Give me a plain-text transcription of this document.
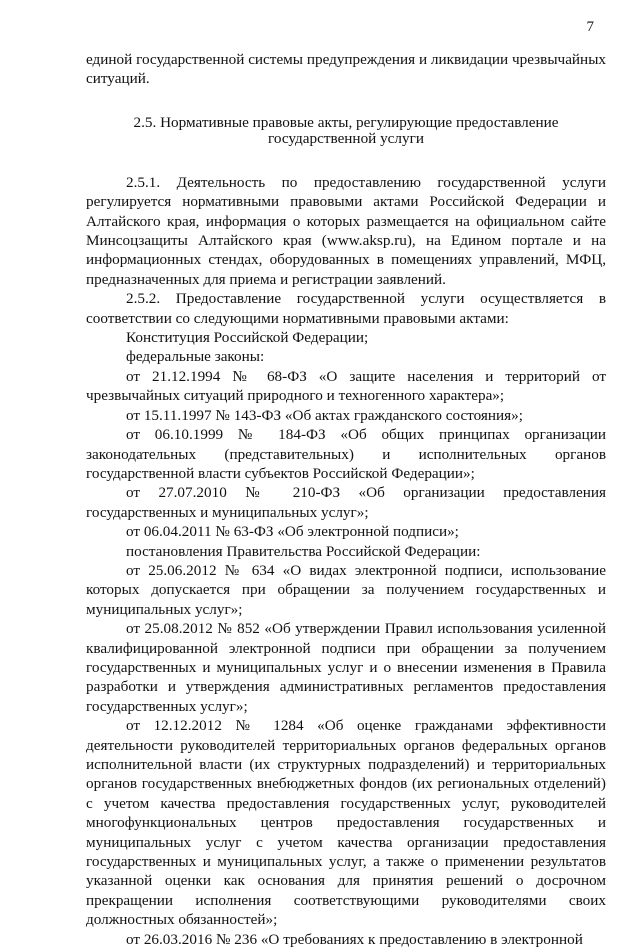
7

единой государственной системы предупреждения и ликвидации чрезвычайных ситуаций.

2.5. Нормативные правовые акты, регулирующие предоставление государственной услуги

2.5.1. Деятельность по предоставлению государственной услуги регулируется нормативными правовыми актами Российской Федерации и Алтайского края, информация о которых размещается на официальном сайте Минсоцзащиты Алтайского края (www.aksp.ru), на Едином портале и на информационных стендах, оборудованных в помещениях управлений, МФЦ, предназначенных для приема и регистрации заявлений.

2.5.2. Предоставление государственной услуги осуществляется в соответствии со следующими нормативными правовыми актами:

Конституция Российской Федерации;

федеральные законы:

от 21.12.1994 № 68-ФЗ «О защите населения и территорий от чрезвычайных ситуаций природного и техногенного характера»;

от 15.11.1997 № 143-ФЗ «Об актах гражданского состояния»;

от 06.10.1999 № 184-ФЗ «Об общих принципах организации законодательных (представительных) и исполнительных органов государственной власти субъектов Российской Федерации»;

от 27.07.2010 № 210-ФЗ «Об организации предоставления государственных и муниципальных услуг»;

от 06.04.2011 № 63-ФЗ «Об электронной подписи»;

постановления Правительства Российской Федерации:

от 25.06.2012 № 634 «О видах электронной подписи, использование которых допускается при обращении за получением государственных и муниципальных услуг»;

от 25.08.2012 № 852 «Об утверждении Правил использования усиленной квалифицированной электронной подписи при обращении за получением государственных и муниципальных услуг и о внесении изменения в Правила разработки и утверждения административных регламентов предоставления государственных услуг»;

от 12.12.2012 № 1284 «Об оценке гражданами эффективности деятельности руководителей территориальных органов федеральных органов исполнительной власти (их структурных подразделений) и территориальных органов государственных внебюджетных фондов (их региональных отделений) с учетом качества предоставления государственных услуг, руководителей многофункциональных центров предоставления государственных и муниципальных услуг с учетом качества организации предоставления государственных и муниципальных услуг, а также о применении результатов указанной оценки как основания для принятия решений о досрочном прекращении исполнения соответствующими руководителями своих должностных обязанностей»;

от 26.03.2016 № 236 «О требованиях к предоставлению в электронной
